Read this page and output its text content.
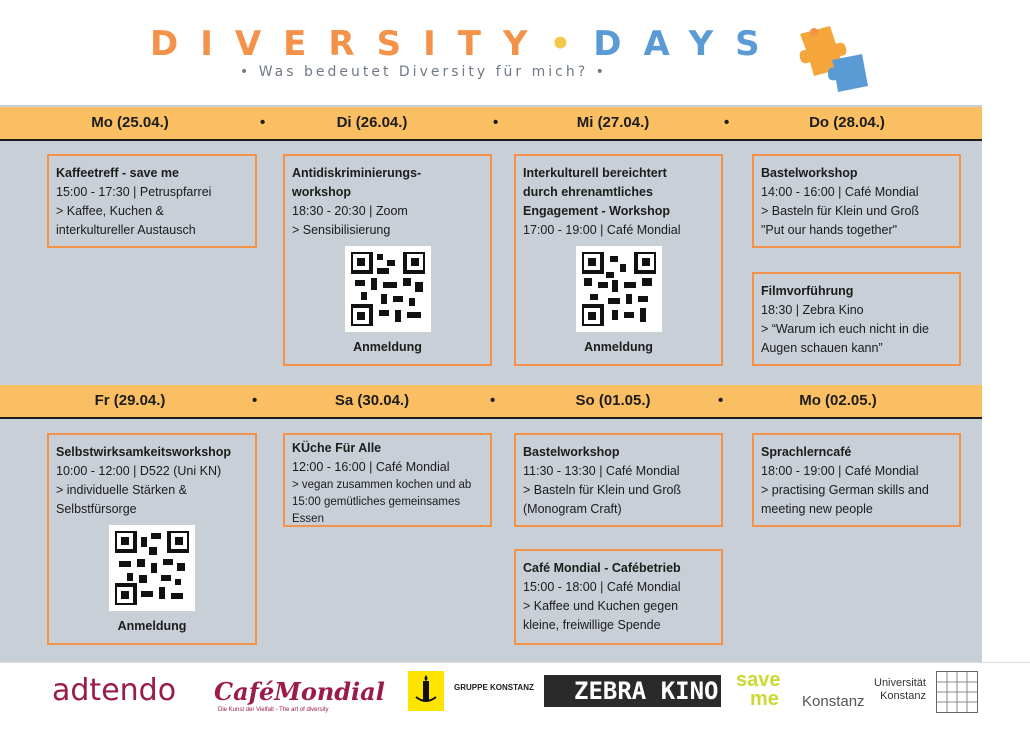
DIVERSITY•DAYS
• Was bedeutet Diversity für mich? •
Mo (25.04.)	•	Di (26.04.)	•	Mi (27.04.)	•	Do (28.04.)
Kaffeetreff - save me
15:00 - 17:30 | Petruspfarrei
> Kaffee, Kuchen &
interkultureller Austausch
Antidiskriminierungs-
workshop
18:30 - 20:30 | Zoom
> Sensibilisierung
Anmeldung
Interkulturell bereichtert
durch ehrenamtliches
Engagement - Workshop
17:00 - 19:00 | Café Mondial
Anmeldung
Bastelworkshop
14:00 - 16:00 | Café Mondial
> Basteln für Klein und Groß
"Put our hands together"
Filmvorführung
18:30 | Zebra Kino
> “Warum ich euch nicht in die
Augen schauen kann”
Fr (29.04.)	•	Sa (30.04.)	•	So (01.05.)	•	Mo (02.05.)
Selbstwirksamkeitsworkshop
10:00 - 12:00 | D522 (Uni KN)
> individuelle Stärken &
Selbstfürsorge
Anmeldung
KÜche Für Alle
12:00 - 16:00 | Café Mondial
> vegan zusammen kochen und ab
15:00 gemütliches gemeinsames
Essen
Bastelworkshop
11:30 - 13:30 | Café Mondial
> Basteln für Klein und Groß
(Monogram Craft)
Café Mondial - Cafébetrieb
15:00 - 18:00 | Café Mondial
> Kaffee und Kuchen gegen
kleine, freiwillige Spende
Sprachlerncafé
18:00 - 19:00 | Café Mondial
> practising German skills and
meeting new people
adtendo CaféMondial
Die Kunst der Vielfalt - The art of diversity
GRUPPE KONSTANZ	ZEBRA KINO save
me Konstanz
Universität
Konstanz
